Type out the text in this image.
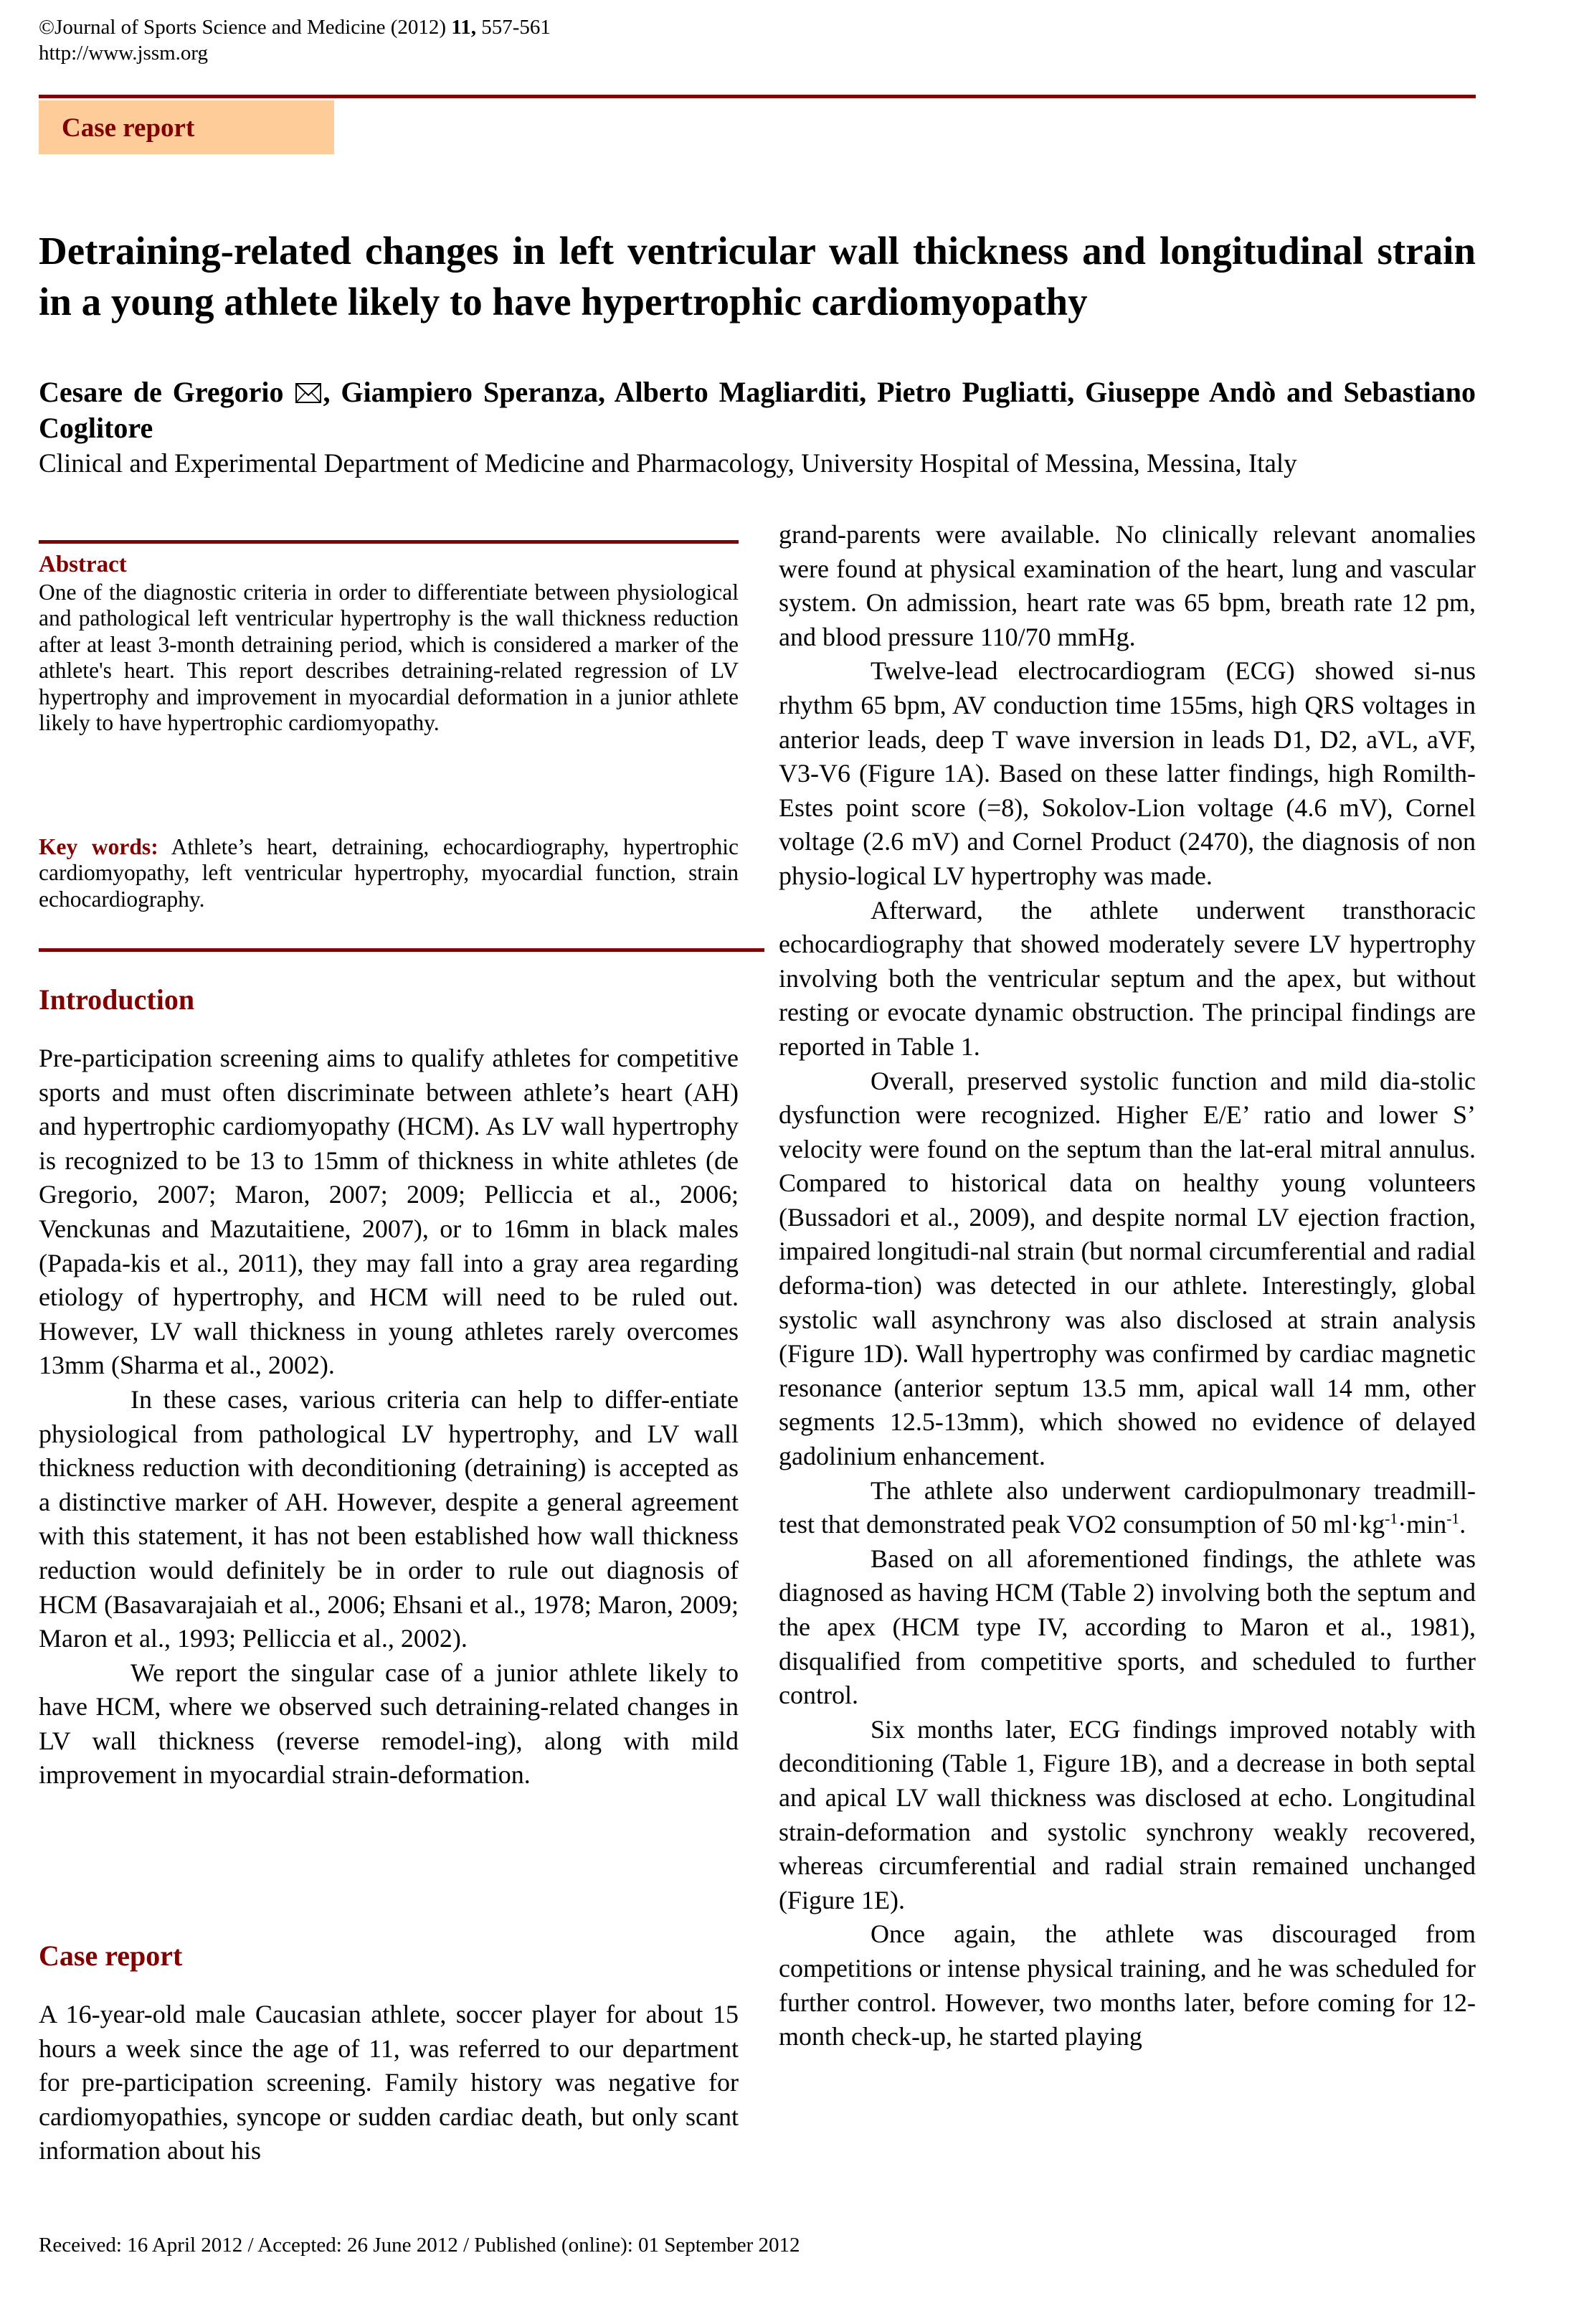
©Journal of Sports Science and Medicine (2012) 11, 557-561
http://www.jssm.org
Case report
Detraining-related changes in left ventricular wall thickness and longitudinal strain in a young athlete likely to have hypertrophic cardiomyopathy
Cesare de Gregorio , Giampiero Speranza, Alberto Magliarditi, Pietro Pugliatti, Giuseppe Andò and Sebastiano Coglitore
Clinical and Experimental Department of Medicine and Pharmacology, University Hospital of Messina, Messina, Italy
Abstract
One of the diagnostic criteria in order to differentiate between physiological and pathological left ventricular hypertrophy is the wall thickness reduction after at least 3-month detraining period, which is considered a marker of the athlete's heart. This report describes detraining-related regression of LV hypertrophy and improvement in myocardial deformation in a junior athlete likely to have hypertrophic cardiomyopathy.
Key words: Athlete’s heart, detraining, echocardiography, hypertrophic cardiomyopathy, left ventricular hypertrophy, myocardial function, strain echocardiography.
Introduction

Pre-participation screening aims to qualify athletes for competitive sports and must often discriminate between athlete’s heart (AH) and hypertrophic cardiomyopathy (HCM). As LV wall hypertrophy is recognized to be 13 to 15mm of thickness in white athletes (de Gregorio, 2007; Maron, 2007; 2009; Pelliccia et al., 2006; Venckunas and Mazutaitiene, 2007), or to 16mm in black males (Papada-kis et al., 2011), they may fall into a gray area regarding etiology of hypertrophy, and HCM will need to be ruled out. However, LV wall thickness in young athletes rarely overcomes 13mm (Sharma et al., 2002).

In these cases, various criteria can help to differ-entiate physiological from pathological LV hypertrophy, and LV wall thickness reduction with deconditioning (detraining) is accepted as a distinctive marker of AH. However, despite a general agreement with this statement, it has not been established how wall thickness reduction would definitely be in order to rule out diagnosis of HCM (Basavarajaiah et al., 2006; Ehsani et al., 1978; Maron, 2009; Maron et al., 1993; Pelliccia et al., 2002).

We report the singular case of a junior athlete likely to have HCM, where we observed such detraining-related changes in LV wall thickness (reverse remodel-ing), along with mild improvement in myocardial strain-deformation.

Case report

A 16-year-old male Caucasian athlete, soccer player for about 15 hours a week since the age of 11, was referred to our department for pre-participation screening. Family history was negative for cardiomyopathies, syncope or sudden cardiac death, but only scant information about his

grand-parents were available. No clinically relevant anomalies were found at physical examination of the heart, lung and vascular system. On admission, heart rate was 65 bpm, breath rate 12 pm, and blood pressure 110/70 mmHg.

Twelve-lead electrocardiogram (ECG) showed si-nus rhythm 65 bpm, AV conduction time 155ms, high QRS voltages in anterior leads, deep T wave inversion in leads D1, D2, aVL, aVF, V3-V6 (Figure 1A). Based on these latter findings, high Romilth-Estes point score (=8), Sokolov-Lion voltage (4.6 mV), Cornel voltage (2.6 mV) and Cornel Product (2470), the diagnosis of non physio-logical LV hypertrophy was made.

Afterward, the athlete underwent transthoracic echocardiography that showed moderately severe LV hypertrophy involving both the ventricular septum and the apex, but without resting or evocate dynamic obstruction. The principal findings are reported in Table 1.

Overall, preserved systolic function and mild dia-stolic dysfunction were recognized. Higher E/E’ ratio and lower S’ velocity were found on the septum than the lat-eral mitral annulus. Compared to historical data on healthy young volunteers (Bussadori et al., 2009), and despite normal LV ejection fraction, impaired longitudi-nal strain (but normal circumferential and radial deforma-tion) was detected in our athlete. Interestingly, global systolic wall asynchrony was also disclosed at strain analysis (Figure 1D). Wall hypertrophy was confirmed by cardiac magnetic resonance (anterior septum 13.5 mm, apical wall 14 mm, other segments 12.5-13mm), which showed no evidence of delayed gadolinium enhancement.

The athlete also underwent cardiopulmonary treadmill-test that demonstrated peak VO2 consumption of 50 $ml\cdot kg^{-1}\cdot\min^{-1}$.

Based on all aforementioned findings, the athlete was diagnosed as having HCM (Table 2) involving both the septum and the apex (HCM type IV, according to Maron et al., 1981), disqualified from competitive sports, and scheduled to further control.

Six months later, ECG findings improved notably with deconditioning (Table 1, Figure 1B), and a decrease in both septal and apical LV wall thickness was disclosed at echo. Longitudinal strain-deformation and systolic synchrony weakly recovered, whereas circumferential and radial strain remained unchanged (Figure 1E).

Once again, the athlete was discouraged from competitions or intense physical training, and he was scheduled for further control. However, two months later, before coming for 12-month check-up, he started playing

Received: 16 April 2012 / Accepted: 26 June 2012 / Published (online): 01 September 2012
